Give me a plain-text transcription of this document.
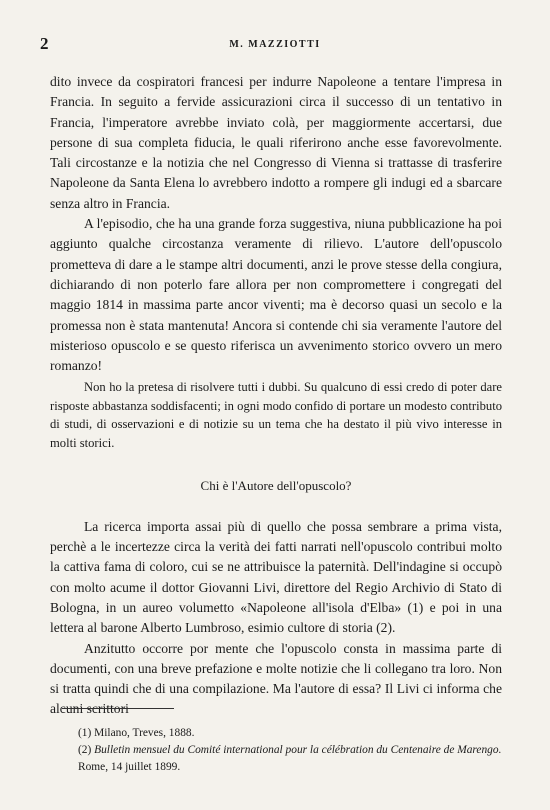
2	M. MAZZIOTTI

dito invece da cospiratori francesi per indurre Napoleone a tentare l'impresa in Francia. In seguito a fervide assicurazioni circa il successo di un tentativo in Francia, l'imperatore avrebbe inviato colà, per maggiormente accertarsi, due persone di sua completa fiducia, le quali riferirono anche esse favorevolmente. Tali circostanze e la notizia che nel Congresso di Vienna si trattasse di trasferire Napoleone da Santa Elena lo avrebbero indotto a rompere gli indugi ed a sbarcare senza altro in Francia.

A l'episodio, che ha una grande forza suggestiva, niuna pubblicazione ha poi aggiunto qualche circostanza veramente di rilievo. L'autore dell'opuscolo prometteva di dare a le stampe altri documenti, anzi le prove stesse della congiura, dichiarando di non poterlo fare allora per non compromettere i congregati del maggio 1814 in massima parte ancor viventi; ma è decorso quasi un secolo e la promessa non è stata mantenuta! Ancora si contende chi sia veramente l'autore del misterioso opuscolo e se questo riferisca un avvenimento storico ovvero un mero romanzo!

Non ho la pretesa di risolvere tutti i dubbi. Su qualcuno di essi credo di poter dare risposte abbastanza soddisfacenti; in ogni modo confido di portare un modesto contributo di studi, di osservazioni e di notizie su un tema che ha destato il più vivo interesse in molti storici.

Chi è l'Autore dell'opuscolo?

La ricerca importa assai più di quello che possa sembrare a prima vista, perchè a le incertezze circa la verità dei fatti narrati nell'opuscolo contribui molto la cattiva fama di coloro, cui se ne attribuisce la paternità. Dell'indagine si occupò con molto acume il dottor Giovanni Livi, direttore del Regio Archivio di Stato di Bologna, in un aureo volumetto «Napoleone all'isola d'Elba» (1) e poi in una lettera al barone Alberto Lumbroso, esimio cultore di storia (2).

Anzitutto occorre por mente che l'opuscolo consta in massima parte di documenti, con una breve prefazione e molte notizie che li collegano tra loro. Non si tratta quindi che di una compilazione. Ma l'autore di essa? Il Livi ci informa che alcuni scrittori

(1) Milano, Treves, 1888.

(2) Bulletin mensuel du Comité international pour la célébration du Centenaire de Marengo. Rome, 14 juillet 1899.
